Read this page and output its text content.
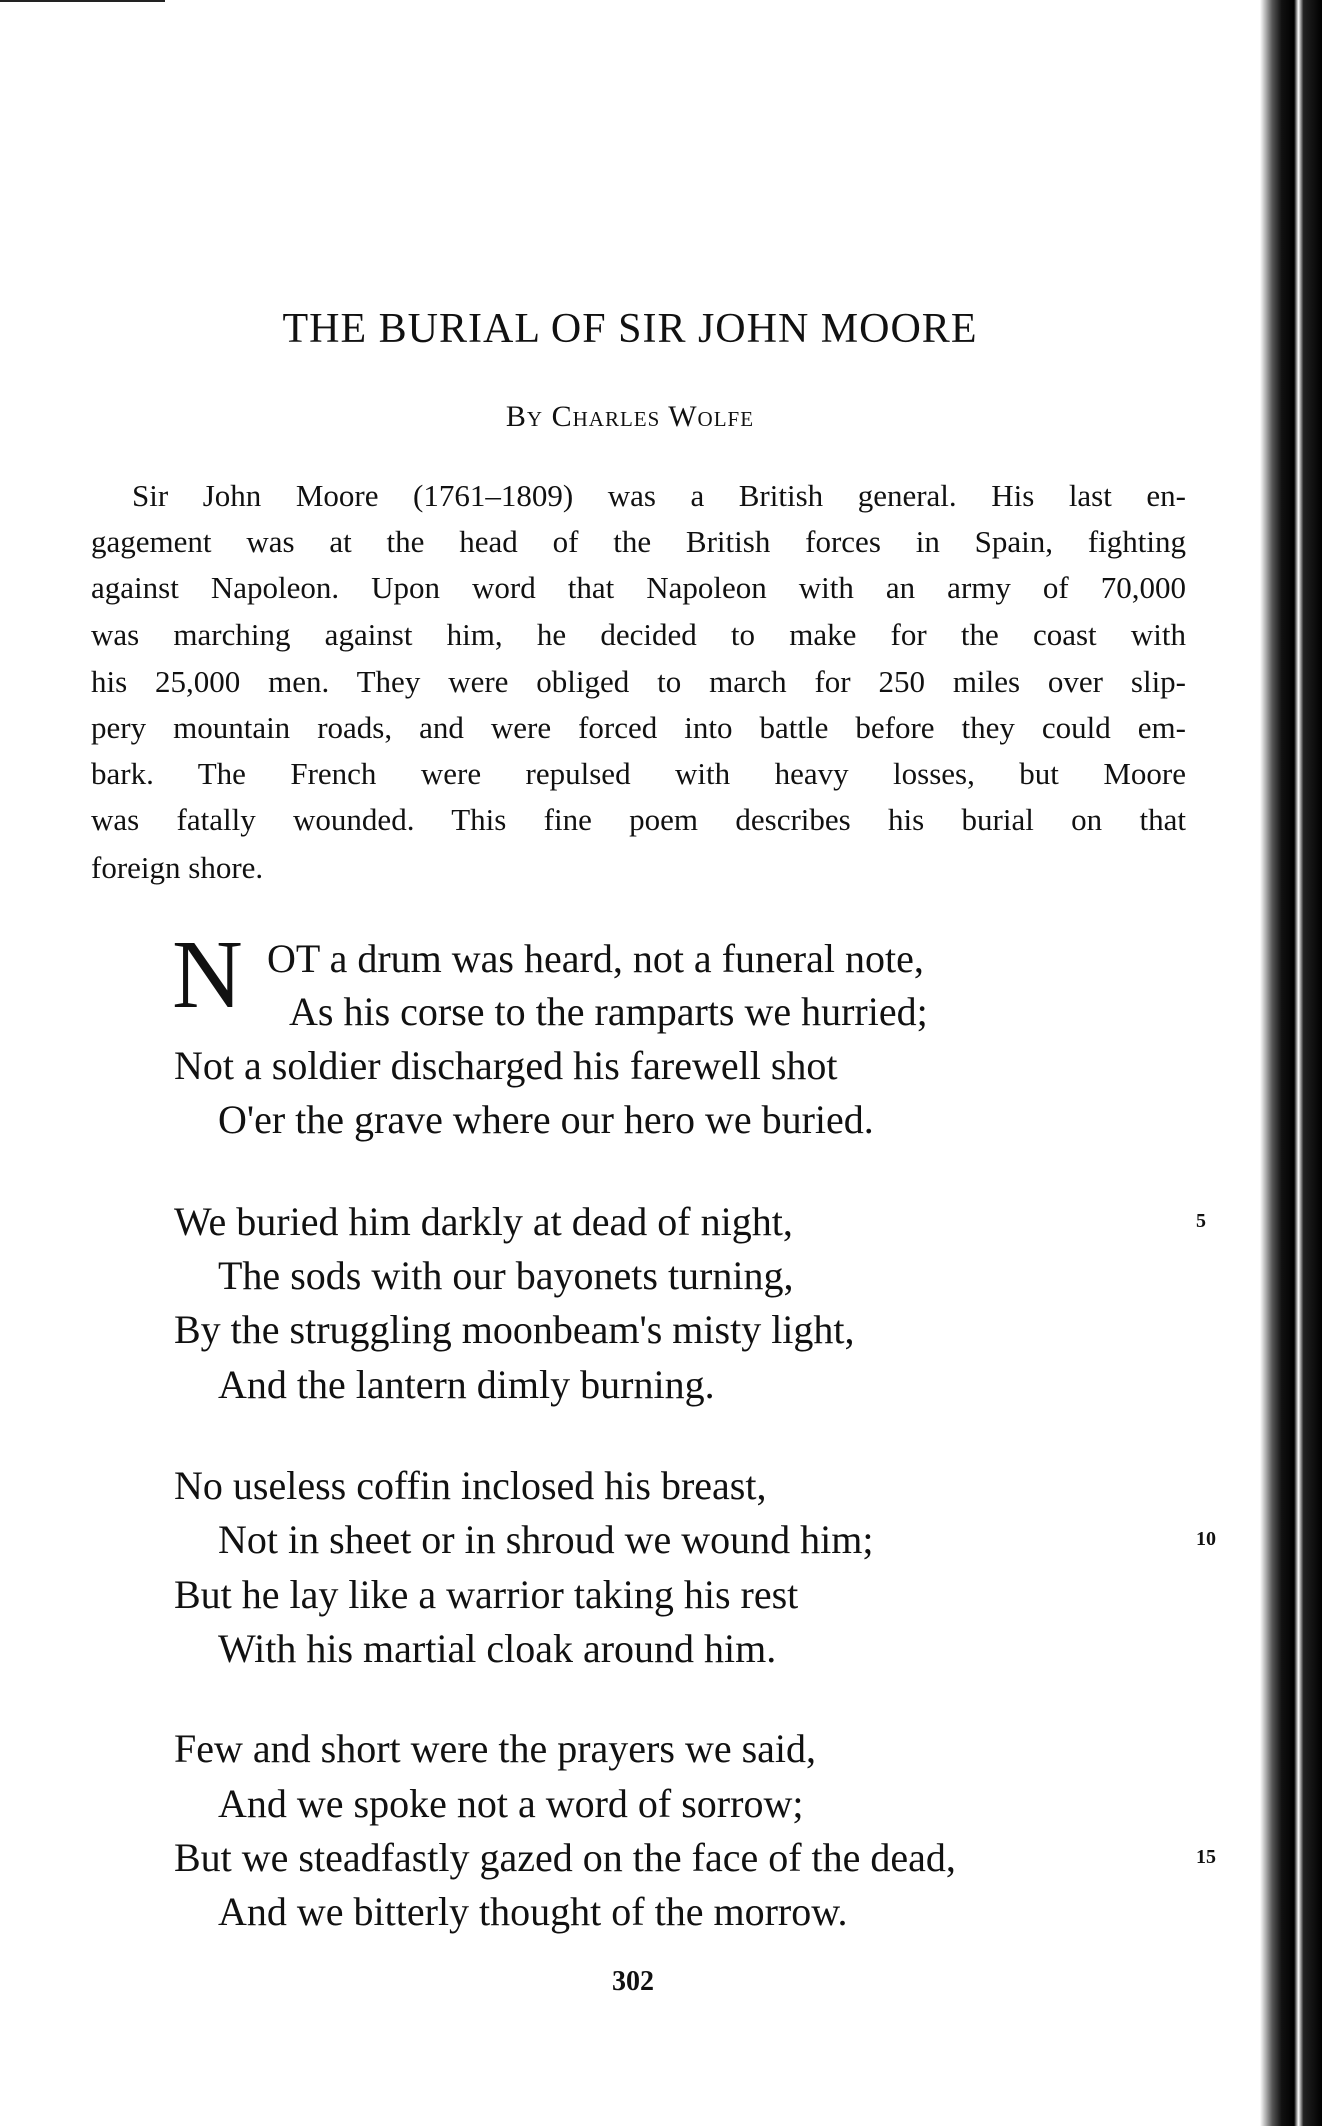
THE BURIAL OF SIR JOHN MOORE
By Charles Wolfe
Sir John Moore (1761–1809) was a British general. His last en-
gagement was at the head of the British forces in Spain, fighting
against Napoleon. Upon word that Napoleon with an army of 70,000
was marching against him, he decided to make for the coast with
his 25,000 men. They were obliged to march for 250 miles over slip-
pery mountain roads, and were forced into battle before they could em-
bark. The French were repulsed with heavy losses, but Moore
was fatally wounded. This fine poem describes his burial on that
foreign shore.
N OT a drum was heard, not a funeral note,
As his corse to the ramparts we hurried;
Not a soldier discharged his farewell shot
O'er the grave where our hero we buried.
We buried him darkly at dead of night,
The sods with our bayonets turning,
By the struggling moonbeam's misty light,
And the lantern dimly burning.
No useless coffin inclosed his breast,
Not in sheet or in shroud we wound him;
But he lay like a warrior taking his rest
With his martial cloak around him.
Few and short were the prayers we said,
And we spoke not a word of sorrow;
But we steadfastly gazed on the face of the dead,
And we bitterly thought of the morrow.
5
10
15
302
